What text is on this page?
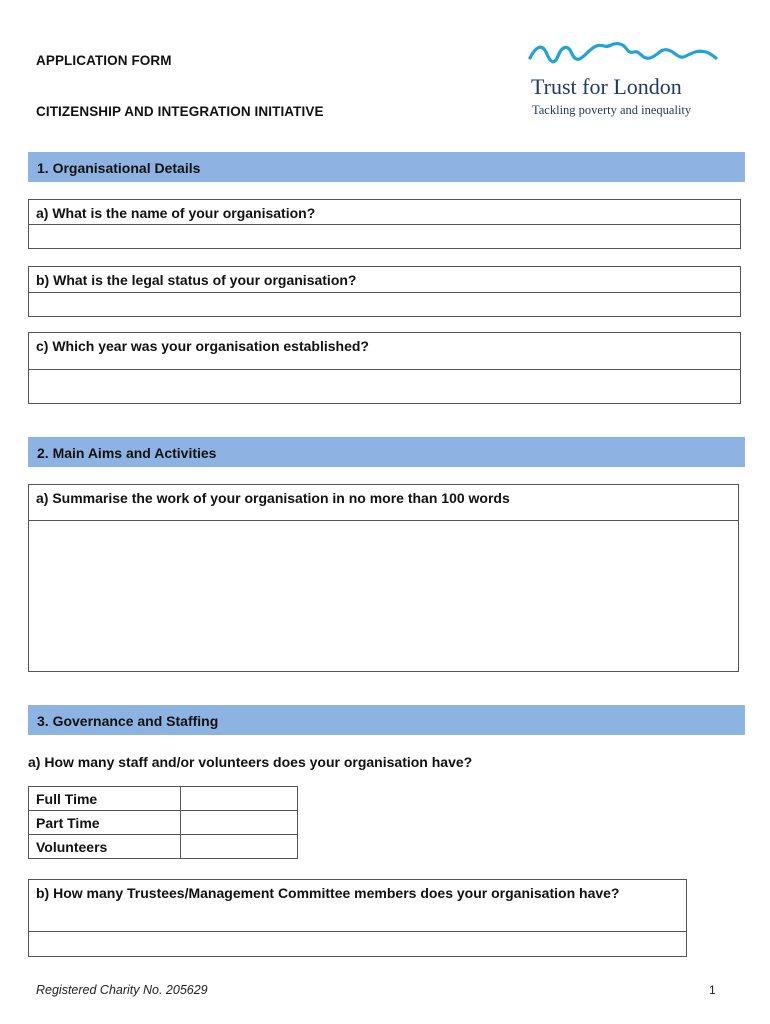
APPLICATION FORM
CITIZENSHIP AND INTEGRATION INITIATIVE
Trust for London
Tackling poverty and inequality
1. Organisational Details
a) What is the name of your organisation?
b) What is the legal status of your organisation?
c) Which year was your organisation established?
2. Main Aims and Activities
a) Summarise the work of your organisation in no more than 100 words
3. Governance and Staffing
a) How many staff and/or volunteers does your organisation have?
Full Time	
Part Time	
Volunteers	
b) How many Trustees/Management Committee members does your organisation have?
Registered Charity No. 205629	1
